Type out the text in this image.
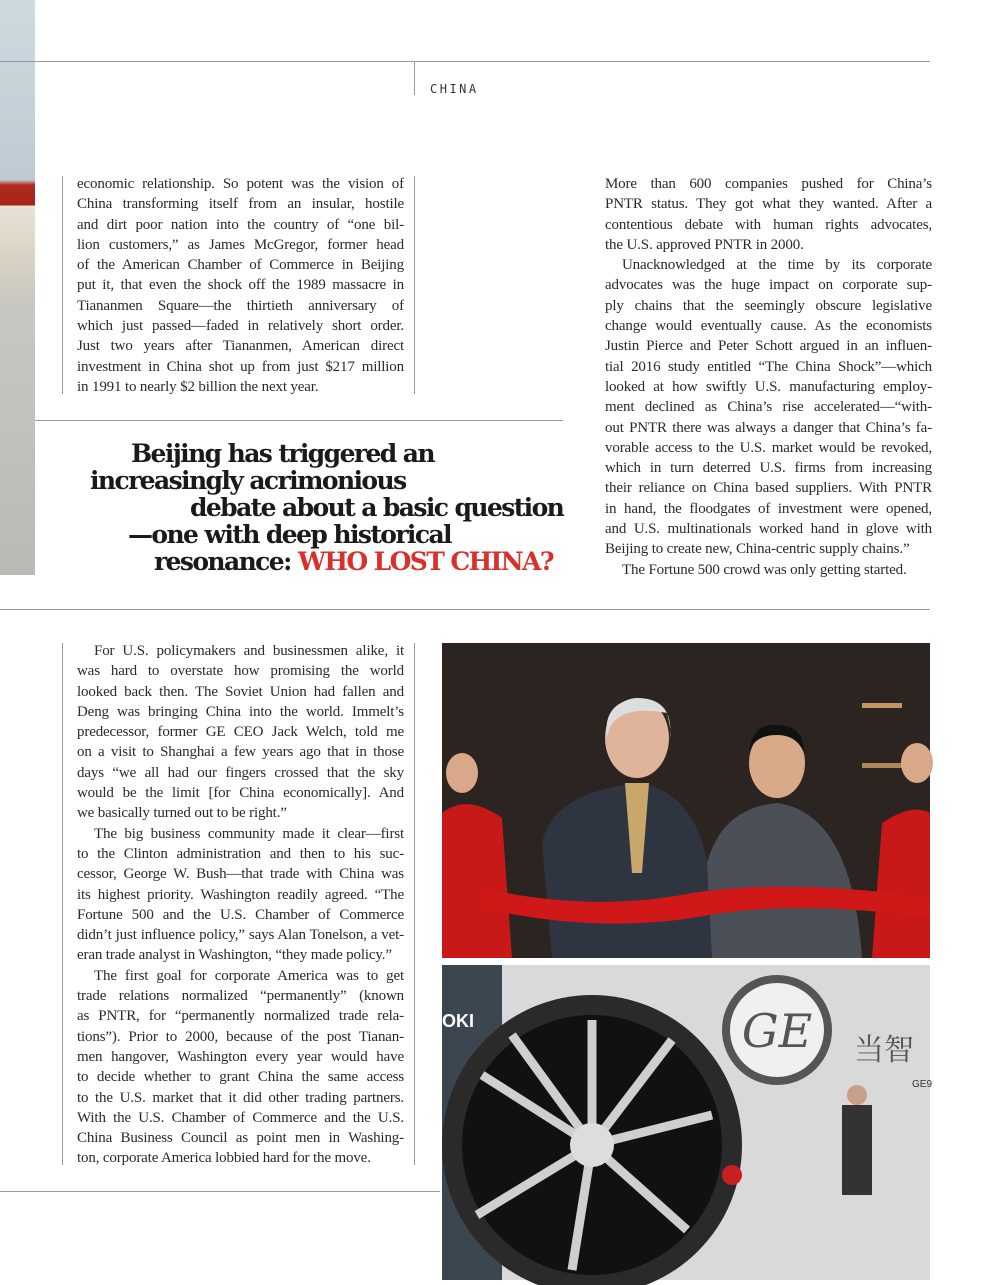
CHINA
economic relationship. So potent was the vision of
China transforming itself from an insular, hostile
and dirt poor nation into the country of “one bil-
lion customers,” as James McGregor, former head
of the American Chamber of Commerce in Beijing
put it, that even the shock off the 1989 massacre in
Tiananmen Square—the thirtieth anniversary of
which just passed—faded in relatively short order.
Just two years after Tiananmen, American direct
investment in China shot up from just $217 million
in 1991 to nearly $2 billion the next year.
Beijing has triggered an
increasingly acrimonious
debate about a basic question
—one with deep historical
resonance: WHO LOST CHINA?
More than 600 companies pushed for China’s
PNTR status. They got what they wanted. After a
contentious debate with human rights advocates,
the U.S. approved PNTR in 2000.
Unacknowledged at the time by its corporate
advocates was the huge impact on corporate sup-
ply chains that the seemingly obscure legislative
change would eventually cause. As the economists
Justin Pierce and Peter Schott argued in an influen-
tial 2016 study entitled “The China Shock”—which
looked at how swiftly U.S. manufacturing employ-
ment declined as China’s rise accelerated—“with-
out PNTR there was always a danger that China’s fa-
vorable access to the U.S. market would be revoked,
which in turn deterred U.S. firms from increasing
their reliance on China based suppliers. With PNTR
in hand, the floodgates of investment were opened,
and U.S. multinationals worked hand in glove with
Beijing to create new, China-centric supply chains.”
The Fortune 500 crowd was only getting started.
For U.S. policymakers and businessmen alike, it
was hard to overstate how promising the world
looked back then. The Soviet Union had fallen and
Deng was bringing China into the world. Immelt’s
predecessor, former GE CEO Jack Welch, told me
on a visit to Shanghai a few years ago that in those
days “we all had our fingers crossed that the sky
would be the limit [for China economically]. And
we basically turned out to be right.”
The big business community made it clear—first
to the Clinton administration and then to his suc-
cessor, George W. Bush—that trade with China was
its highest priority. Washington readily agreed. “The
Fortune 500 and the U.S. Chamber of Commerce
didn’t just influence policy,” says Alan Tonelson, a vet-
eran trade analyst in Washington, “they made policy.”
The first goal for corporate America was to get
trade relations normalized “permanently” (known
as PNTR, for “permanently normalized trade rela-
tions”). Prior to 2000, because of the post Tianan-
men hangover, Washington every year would have
to decide whether to grant China the same access
to the U.S. market that it did other trading partners.
With the U.S. Chamber of Commerce and the U.S.
China Business Council as point men in Washing-
ton, corporate America lobbied hard for the move.
OKI	GE 当智
GE9
